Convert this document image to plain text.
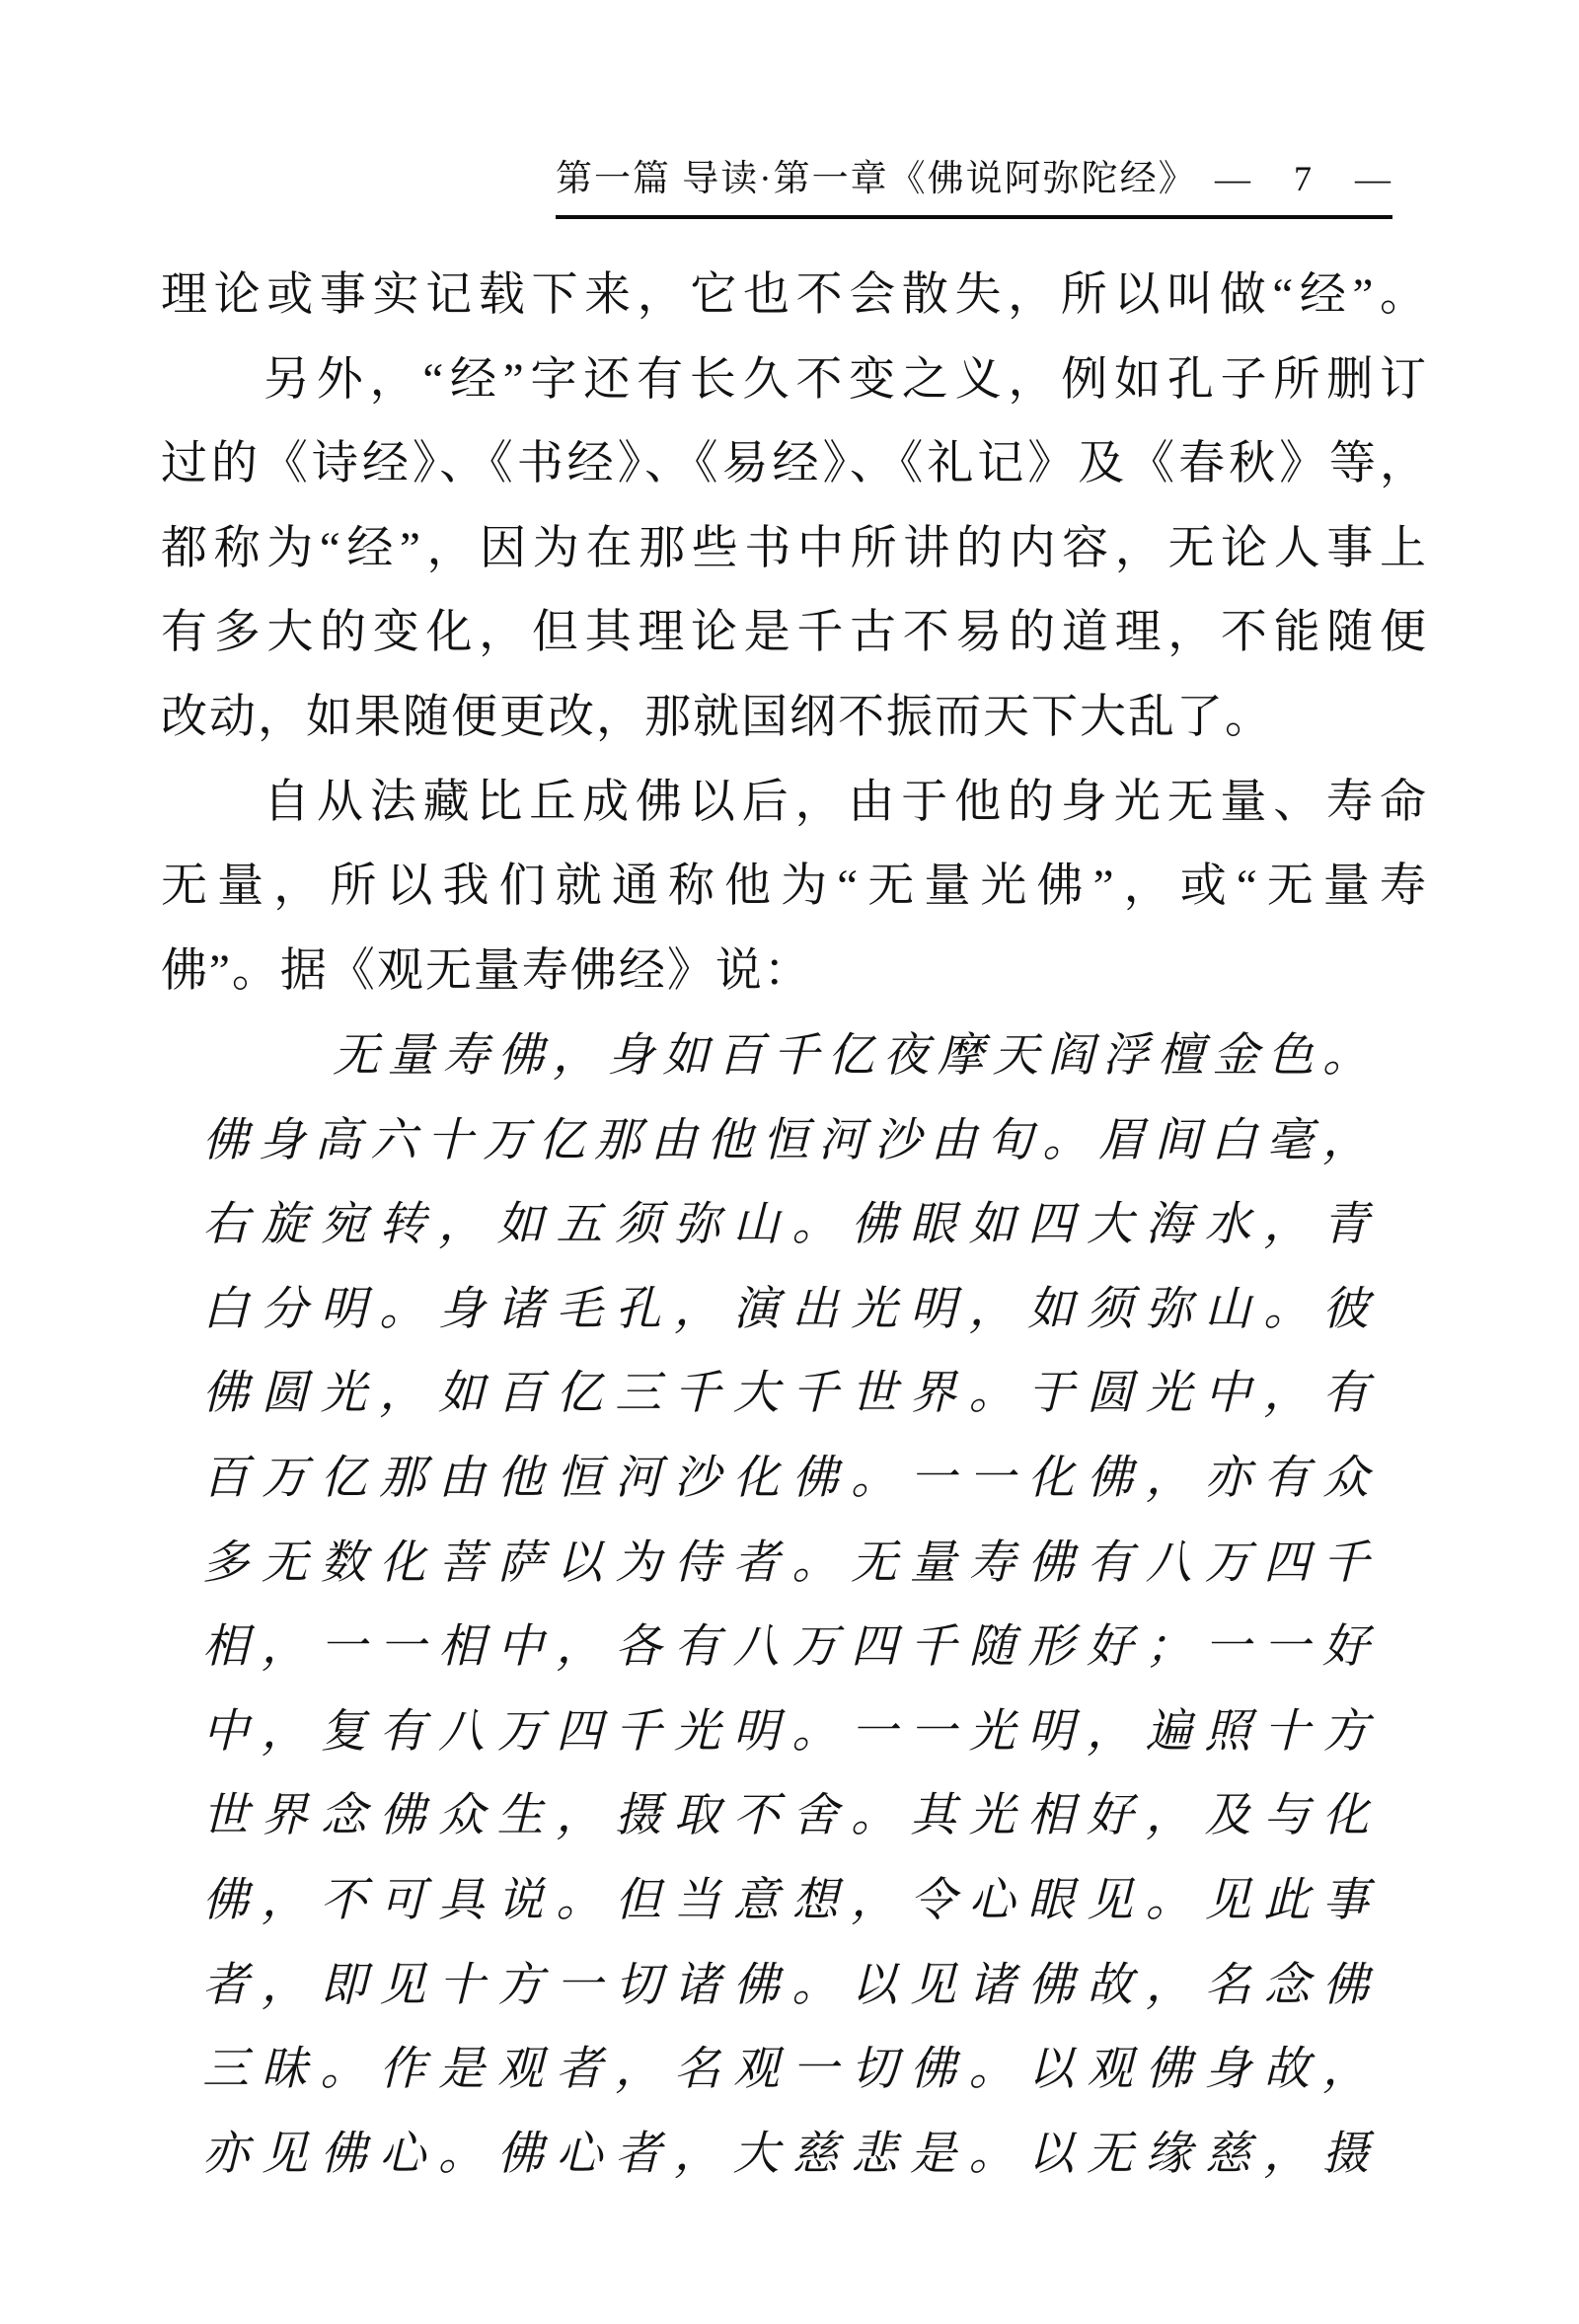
第一篇 导读·第一章《佛说阿弥陀经》 — 7 —
理论或事实记载下来，它也不会散失，所以叫做“经”。
另外，“经”字还有长久不变之义，例如孔子所删订
过的《诗经》、《书经》、《易经》、《礼记》及《春秋》等，
都称为“经”，因为在那些书中所讲的内容，无论人事上
有多大的变化，但其理论是千古不易的道理，不能随便
改动，如果随便更改，那就国纲不振而天下大乱了。
自从法藏比丘成佛以后，由于他的身光无量、寿命
无量，所以我们就通称他为“无量光佛”，或“无量寿
佛”。据《观无量寿佛经》说：
无量寿佛，身如百千亿夜摩天阎浮檀金色。
佛身高六十万亿那由他恒河沙由旬。眉间白毫，
右旋宛转，如五须弥山。佛眼如四大海水，青
白分明。身诸毛孔，演出光明，如须弥山。彼
佛圆光，如百亿三千大千世界。于圆光中，有
百万亿那由他恒河沙化佛。一一化佛，亦有众
多无数化菩萨以为侍者。无量寿佛有八万四千
相，一一相中，各有八万四千随形好；一一好
中，复有八万四千光明。一一光明，遍照十方
世界念佛众生，摄取不舍。其光相好，及与化
佛，不可具说。但当意想，令心眼见。见此事
者，即见十方一切诸佛。以见诸佛故，名念佛
三昧。作是观者，名观一切佛。以观佛身故，
亦见佛心。佛心者，大慈悲是。以无缘慈，摄
